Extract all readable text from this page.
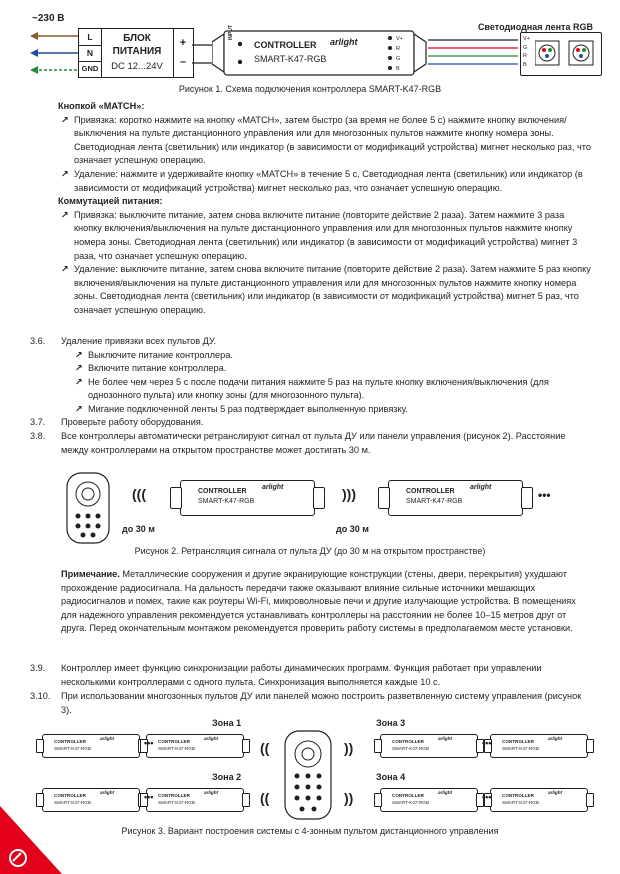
~230 В
L
N
GND
БЛОК
ПИТАНИЯ
DC 12...24V
+
–
INPUT
CONTROLLER
SMART-K47-RGB
arlight	V+
R
G
B
Светодиодная лента RGB
V+
G
R
B
Рисунок 1. Схема подключения контроллера SMART-K47-RGB

Кнопкой «MATCH»:

↗ Привязка: коротко нажмите на кнопку «MATCH», затем быстро (за время не более 5 с) нажмите кнопку включения/выключения на пульте дистанционного управления или для многозонных пультов нажмите кнопку номера зоны. Светодиодная лента (светильник) или индикатор (в зависимости от модификаций устройства) мигнет несколько раз, что означает успешную операцию.
↗ Удаление: нажмите и удерживайте кнопку «MATCH» в течение 5 с. Светодиодная лента (светильник) или индикатор (в зависимости от модификаций устройства) мигнет несколько раз, что означает успешную операцию.

Коммутацией питания:

↗ Привязка: выключите питание, затем снова включите питание (повторите действие 2 раза). Затем нажмите 3 раза кнопку включения/выключения на пульте дистанционного управления или для многозонных пультов нажмите кнопку номера зоны. Светодиодная лента (светильник) или индикатор (в зависимости от модификаций устройства) мигнет 3 раза, что означает успешную операцию.
↗ Удаление: выключите питание, затем снова включите питание (повторите действие 2 раза). Затем нажмите 5 раз кнопку включения/выключения на пульте дистанционного управления или для многозонных пультов нажмите кнопку номера зоны. Светодиодная лента (светильник) или индикатор (в зависимости от модификаций устройства) мигнет 5 раз, что означает успешную операцию.
3.6. Удаление привязки всех пультов ДУ.

↗ Выключите питание контроллера.
↗ Включите питание контроллера.
↗ Не более чем через 5 с после подачи питания нажмите 5 раз на пульте кнопку включения/выключения (для однозонного пульта) или кнопку зоны (для многозонного пульта).
↗ Мигание подключенной ленты 5 раз подтверждает выполненную привязку.
3.7. Проверьте работу оборудования.
3.8. Все контроллеры автоматически ретранслируют сигнал от пульта ДУ или панели управления (рисунок 2). Расстояние между контроллерами на открытом пространстве может достигать 30 м.
(((
до 30 м
CONTROLLER
SMART-K47-RGB
arlight	)))
до 30 м
CONTROLLER
SMART-K47-RGB
arlight
•••
Рисунок 2. Ретрансляция сигнала от пульта ДУ (до 30 м на открытом пространстве)
Примечание. Металлические сооружения и другие экранирующие конструкции (стены, двери, перекрытия) ухудшают прохождение радиосигнала. На дальность передачи также оказывают влияние сильные источники мешающих радиосигналов и помех, такие как роутеры Wi-Fi, микроволновые печи и другие излучающие устройства. В помещениях для надежного управления рекомендуется устанавливать контроллеры на расстоянии не более 10–15 метров друг от друга. Перед окончательным монтажом рекомендуется проверить работу системы в предполагаемом месте установки.
3.9. Контроллер имеет функцию синхронизации работы динамических программ. Функция работает при управлении несколькими контроллерами с одного пульта. Синхронизация выполняется каждые 10 с.
3.10. При использовании многозонных пультов ДУ или панелей можно построить разветвленную систему управления (рисунок 3).
Зона 1
Зона 2
Зона 3
Зона 4
CONTROLLER
SMART-K47-RGB
arlight
CONTROLLER
SMART-K47-RGB
arlight
•••
CONTROLLER
SMART-K47-RGB
arlight
CONTROLLER
SMART-K47-RGB
arlight
•••
CONTROLLER
SMART-K47-RGB
arlight
CONTROLLER
SMART-K47-RGB
arlight
•••
CONTROLLER
SMART-K47-RGB
arlight
CONTROLLER
SMART-K47-RGB
arlight
•••
((
((
))
))
Рисунок 3. Вариант построения системы с 4-зонным пультом дистанционного управления
